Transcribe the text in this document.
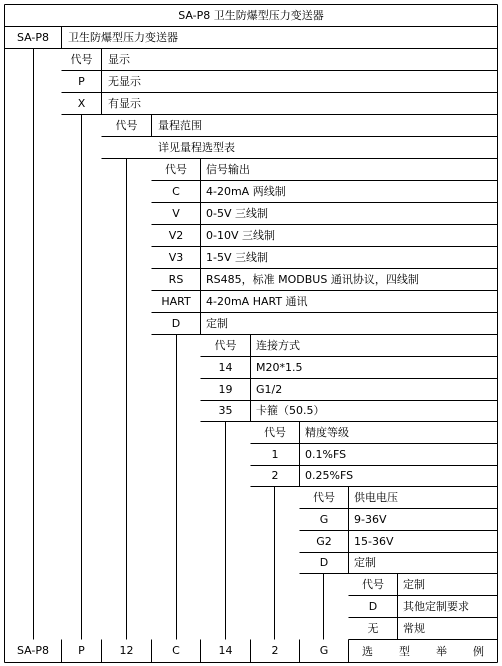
SA-P8 卫生防爆型压力变送器
SA-P8	卫生防爆型压力变送器
代号	显示
P	无显示
X	有显示
代号	量程范围
详见量程选型表
代号	信号输出
C	4-20mA 两线制
V	0-5V 三线制
V2	0-10V 三线制
V3	1-5V 三线制
RS	RS485，标准 MODBUS 通讯协议，四线制
HART	4-20mA HART 通讯
D	定制
代号	连接方式
14	M20*1.5
19	G1/2
35	卡箍（50.5）
代号	精度等级
1	0.1%FS
2	0.25%FS
代号	供电电压
G	9-36V
G2	15-36V
D	定制
代号	定制
D	其他定制要求
无	常规
SA-P8	P	12	C	14	2	G	选 型 举 例
